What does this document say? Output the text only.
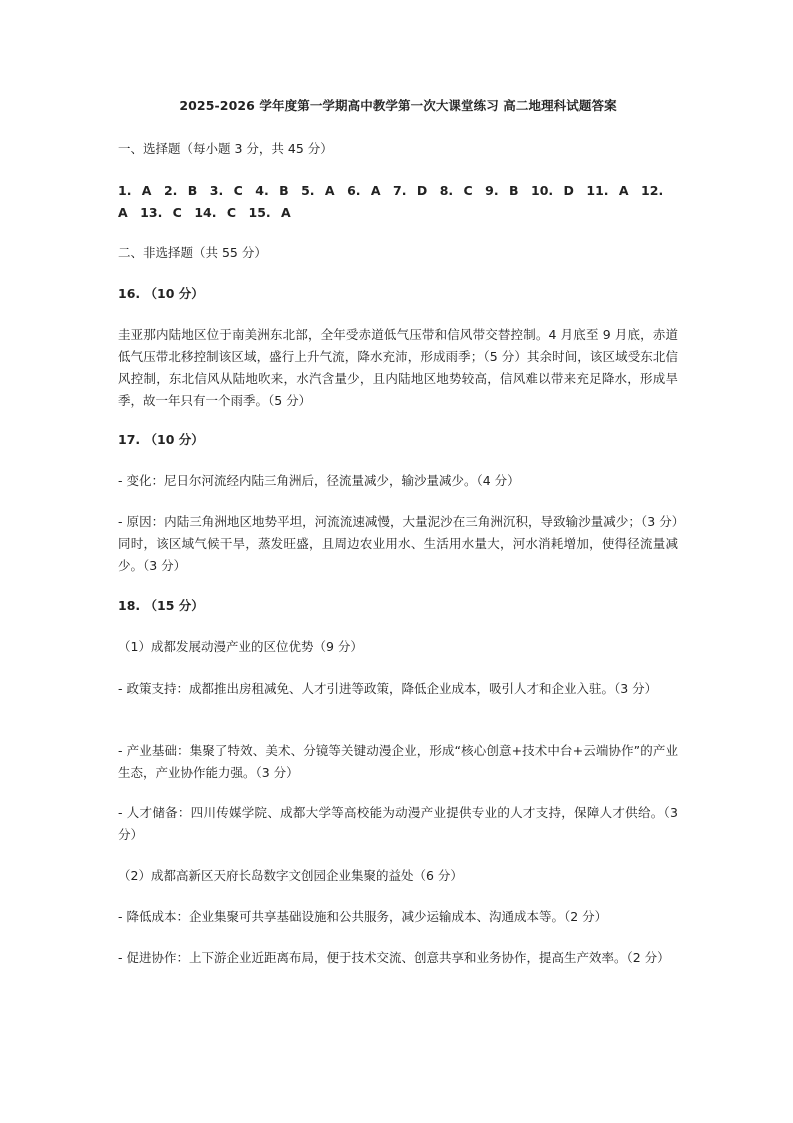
2025-2026 学年度第一学期高中教学第一次大课堂练习 高二地理科试题答案
一、选择题（每小题 3 分，共 45 分）
1. A　2. B　3. C　4. B　5. A　6. A　7. D　8. C　9. B　10. D　11. A　12. A　13. C　14. C　15. A
二、非选择题（共 55 分）
16. （10 分）
圭亚那内陆地区位于南美洲东北部，全年受赤道低气压带和信风带交替控制。4 月底至 9 月底，赤道低气压带北移控制该区域，盛行上升气流，降水充沛，形成雨季；（5 分）其余时间，该区域受东北信风控制，东北信风从陆地吹来，水汽含量少，且内陆地区地势较高，信风难以带来充足降水，形成旱季，故一年只有一个雨季。（5 分）
17. （10 分）
- 变化：尼日尔河流经内陆三角洲后，径流量减少，输沙量减少。（4 分）
- 原因：内陆三角洲地区地势平坦，河流流速减慢，大量泥沙在三角洲沉积，导致输沙量减少；（3 分）同时，该区域气候干旱，蒸发旺盛，且周边农业用水、生活用水量大，河水消耗增加，使得径流量减少。（3 分）
18. （15 分）
（1）成都发展动漫产业的区位优势（9 分）
- 政策支持：成都推出房租减免、人才引进等政策，降低企业成本，吸引人才和企业入驻。（3 分）
- 产业基础：集聚了特效、美术、分镜等关键动漫企业，形成“核心创意+技术中台+云端协作”的产业生态，产业协作能力强。（3 分）
- 人才储备：四川传媒学院、成都大学等高校能为动漫产业提供专业的人才支持，保障人才供给。（3 分）
（2）成都高新区天府长岛数字文创园企业集聚的益处（6 分）
- 降低成本：企业集聚可共享基础设施和公共服务，减少运输成本、沟通成本等。（2 分）
- 促进协作：上下游企业近距离布局，便于技术交流、创意共享和业务协作，提高生产效率。（2 分）
